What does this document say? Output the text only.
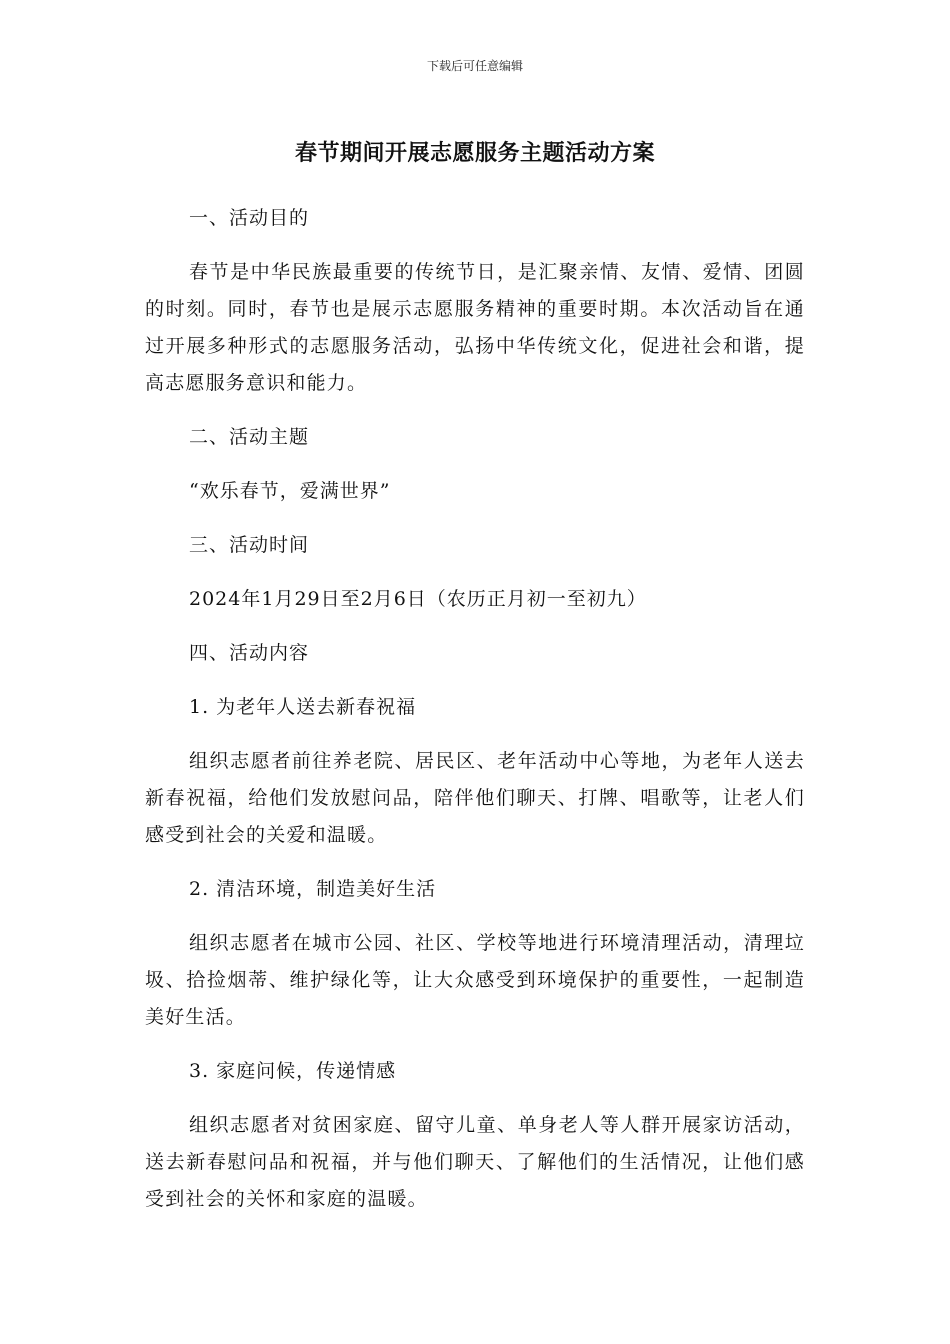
下载后可任意编辑
春节期间开展志愿服务主题活动方案

一、活动目的

春节是中华民族最重要的传统节日，是汇聚亲情、友情、爱情、团圆的时刻。同时，春节也是展示志愿服务精神的重要时期。本次活动旨在通过开展多种形式的志愿服务活动，弘扬中华传统文化，促进社会和谐，提高志愿服务意识和能力。

二、活动主题

“欢乐春节，爱满世界”

三、活动时间

2024年1月29日至2月6日（农历正月初一至初九）

四、活动内容

1. 为老年人送去新春祝福

组织志愿者前往养老院、居民区、老年活动中心等地，为老年人送去新春祝福，给他们发放慰问品，陪伴他们聊天、打牌、唱歌等，让老人们感受到社会的关爱和温暖。

2. 清洁环境，制造美好生活

组织志愿者在城市公园、社区、学校等地进行环境清理活动，清理垃圾、拾捡烟蒂、维护绿化等，让大众感受到环境保护的重要性，一起制造美好生活。

3. 家庭问候，传递情感

组织志愿者对贫困家庭、留守儿童、单身老人等人群开展家访活动，送去新春慰问品和祝福，并与他们聊天、了解他们的生活情况，让他们感受到社会的关怀和家庭的温暖。
